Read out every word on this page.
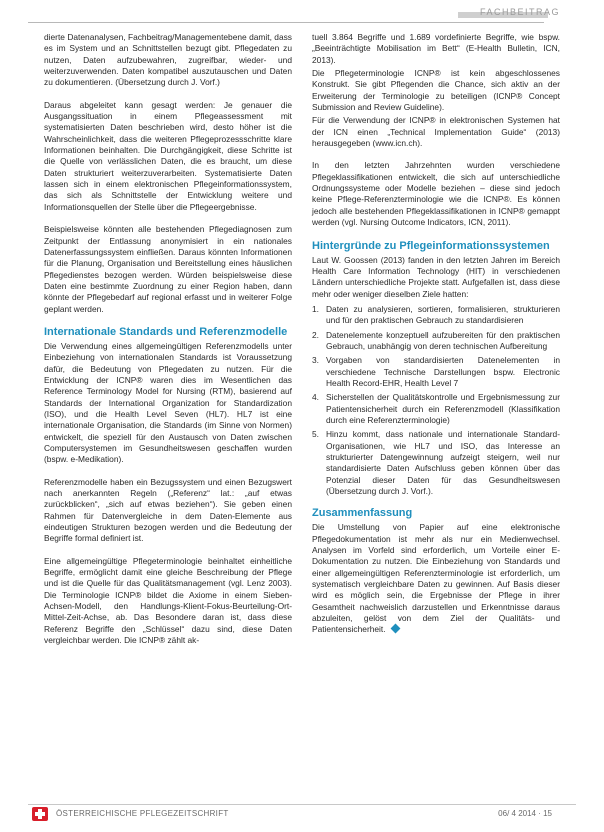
FACHBEITRAG

dierte Datenanalysen, Fachbeitrag/Managementebene damit, dass es im System und an Schnittstellen bezugt gibt. Pflegedaten zu nutzen, Daten aufzubewahren, zugreifbar, wieder- und weiterzuverwenden. Daten kompatibel auszutauschen und Daten zu dokumentieren. (Übersetzung durch J. Vorf.)

Daraus abgeleitet kann gesagt werden: Je genauer die Ausgangssituation in einem Pflegeassessment mit systematisierten Daten beschrieben wird, desto höher ist die Wahrscheinlichkeit, dass die weiteren Pflegeprozessschritte klare Informationen beinhalten. Die Durchgängigkeit, diese Schritte ist die Quelle von verlässlichen Daten, die es braucht, um diese Daten strukturiert weiterzuverarbeiten. Systematisierte Daten lassen sich in einem elektronischen Pflegeinformationssystem, das sich als Schnittstelle der Entwicklung weitere und Informationsquellen der Stelle über die Pflegeergebnisse.

Beispielsweise könnten alle bestehenden Pflegediagnosen zum Zeitpunkt der Entlassung anonymisiert in ein nationales Datenerfassungssystem einfließen. Daraus könnten Informationen für die Planung, Organisation und Bereitstellung eines häuslichen Pflegedienstes bezogen werden. Würden beispielsweise diese Daten eine bestimmte Zuordnung zu einer Region haben, dann könnte der Pflegebedarf auf regional erfasst und in weiterer Folge geplant werden.

Internationale Standards und Referenzmodelle

Die Verwendung eines allgemeingültigen Referenzmodells unter Einbeziehung von internationalen Standards ist Voraussetzung dafür, die Bedeutung von Pflegedaten zu nutzen. Für die Entwicklung der ICNP® waren dies im Wesentlichen das Reference Terminology Model for Nursing (RTM), basierend auf Standards der International Organization for Standardization (ISO), und die Health Level Seven (HL7). HL7 ist eine internationale Organisation, die Standards (im Sinne von Normen) entwickelt, die speziell für den Austausch von Daten zwischen Computersystemen im Gesundheitswesen geschaffen wurden (bspw. e-Medikation).

Referenzmodelle haben ein Bezugssystem und einen Bezugswert nach anerkannten Regeln („Referenz“ lat.: „auf etwas zurückblicken“, „sich auf etwas beziehen“). Sie geben einen Rahmen für Datenvergleiche in dem Daten-Elemente aus eindeutigen Strukturen bezogen werden und die Bedeutung der Begriffe formal definiert ist.

Eine allgemeingültige Pflegeterminologie beinhaltet einheitliche Begriffe, ermöglicht damit eine gleiche Beschreibung der Pflege und ist die Quelle für das Qualitätsmanagement (vgl. Lenz 2003). Die Terminologie ICNP® bildet die Axiome in einem Sieben-Achsen-Modell, den Handlungs-Klient-Fokus-Beurteilung-Ort-Mittel-Zeit-Achse, ab. Das Besondere daran ist, dass diese Referenz Begriffe den „Schlüssel“ dazu sind, diese Daten vergleichbar werden. Die ICNP® zählt ak-

tuell 3.864 Begriffe und 1.689 vordefinierte Begriffe, wie bspw. „Beeinträchtigte Mobilisation im Bett“ (E-Health Bulletin, ICN, 2013).

Die Pflegeterminologie ICNP® ist kein abgeschlossenes Konstrukt. Sie gibt Pflegenden die Chance, sich aktiv an der Erweiterung der Terminologie zu beteiligen (ICNP® Concept Submission and Review Guideline).

Für die Verwendung der ICNP® in elektronischen Systemen hat der ICN einen „Technical Implementation Guide“ (2013) herausgegeben (www.icn.ch).

In den letzten Jahrzehnten wurden verschiedene Pflegeklassifikationen entwickelt, die sich auf unterschiedliche Ordnungssysteme oder Modelle beziehen – diese sind jedoch keine Pflege-Referenzterminologie wie die ICNP®. Es können jedoch alle bestehenden Pflegeklassifikationen in ICNP® gemappt werden (vgl. Nursing Outcome Indicators, ICN, 2011).

Hintergründe zu Pflegeinformationssystemen

Laut W. Goossen (2013) fanden in den letzten Jahren im Bereich Health Care Information Technology (HIT) in verschiedenen Ländern unterschiedliche Projekte statt. Aufgefallen ist, dass diese mehr oder weniger dieselben Ziele hatten:

1. Daten zu analysieren, sortieren, formalisieren, strukturieren und für den praktischen Gebrauch zu standardisieren
2. Datenelemente konzeptuell aufzubereiten für den praktischen Gebrauch, unabhängig von deren technischen Aufbereitung
3. Vorgaben von standardisierten Datenelementen in verschiedene Technische Darstellungen bspw. Electronic Health Record-EHR, Health Level 7
4. Sicherstellen der Qualitätskontrolle und Ergebnismessung zur Patientensicherheit durch ein Referenzmodell (Klassifikation durch eine Referenzterminologie)
5. Hinzu kommt, dass nationale und internationale Standard-Organisationen, wie HL7 und ISO, das Interesse an strukturierter Datengewinnung aufzeigt steigern, weil nur standardisierte Daten Aufschluss geben können über das Potenzial dieser Daten für das Gesundheitswesen (Übersetzung durch J. Vorf.).
Zusammenfassung

Die Umstellung von Papier auf eine elektronische Pflegedokumentation ist mehr als nur ein Medienwechsel. Analysen im Vorfeld sind erforderlich, um Vorteile einer E-Dokumentation zu nutzen. Die Einbeziehung von Standards und einer allgemeingültigen Referenzterminologie ist erforderlich, um systematisch vergleichbare Daten zu gewinnen. Auf Basis dieser wird es möglich sein, die Ergebnisse der Pflege in ihrer Gesamtheit nachweislich darzustellen und Erkenntnisse daraus abzuleiten, gelöst von dem Ziel der Qualitäts- und Patientensicherheit.

ÖSTERREICHISCHE PFLEGEZEITSCHRIFT	06/ 4 2014 · 15
